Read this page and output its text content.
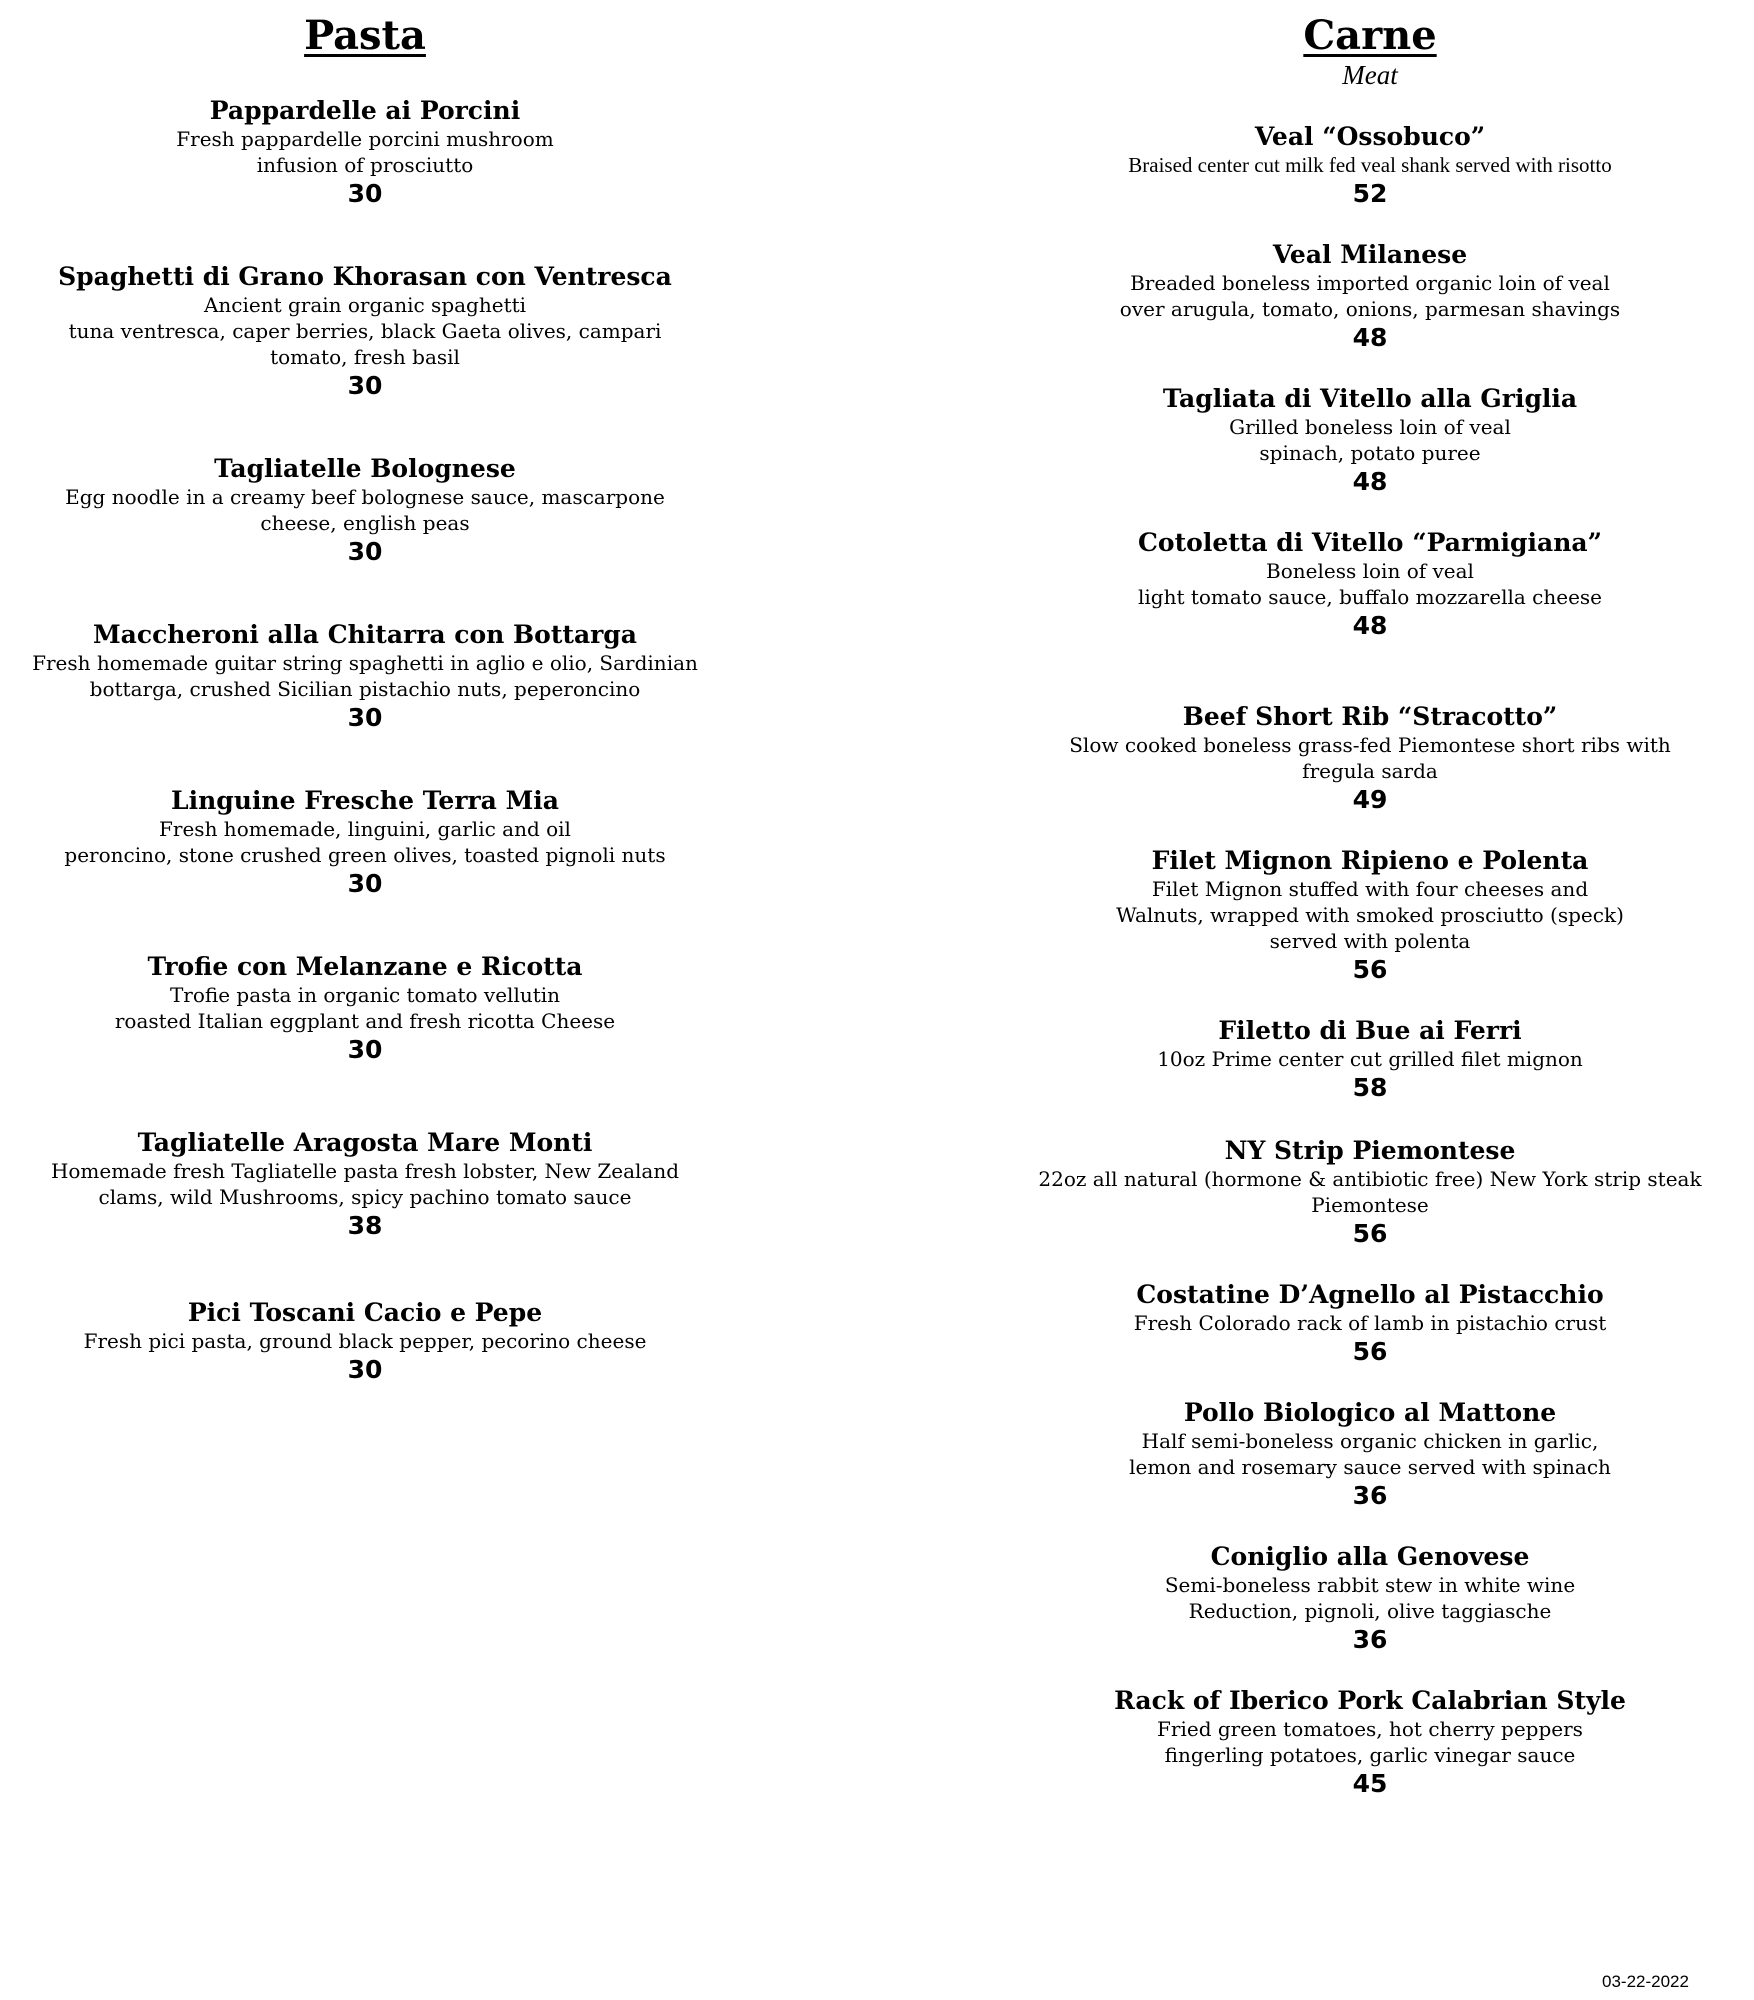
Pasta
Pappardelle ai Porcini
Fresh pappardelle porcini mushroom
infusion of prosciutto
30
Spaghetti di Grano Khorasan con Ventresca
Ancient grain organic spaghetti
tuna ventresca, caper berries, black Gaeta olives, campari
tomato, fresh basil
30
Tagliatelle Bolognese
Egg noodle in a creamy beef bolognese sauce, mascarpone
cheese, english peas
30
Maccheroni alla Chitarra con Bottarga
Fresh homemade guitar string spaghetti in aglio e olio, Sardinian
bottarga, crushed Sicilian pistachio nuts, peperoncino
30
Linguine Fresche Terra Mia
Fresh homemade, linguini, garlic and oil
peroncino, stone crushed green olives, toasted pignoli nuts
30
Trofie con Melanzane e Ricotta
Trofie pasta in organic tomato vellutin
roasted Italian eggplant and fresh ricotta Cheese
30
Tagliatelle Aragosta Mare Monti
Homemade fresh Tagliatelle pasta fresh lobster, New Zealand
clams, wild Mushrooms, spicy pachino tomato sauce
38
Pici Toscani Cacio e Pepe
Fresh pici pasta, ground black pepper, pecorino cheese
30
Carne
Meat
Veal “Ossobuco”
Braised center cut milk fed veal shank served with risotto
52
Veal Milanese
Breaded boneless imported organic loin of veal
over arugula, tomato, onions, parmesan shavings
48
Tagliata di Vitello alla Griglia
Grilled boneless loin of veal
spinach, potato puree
48
Cotoletta di Vitello “Parmigiana”
Boneless loin of veal
light tomato sauce, buffalo mozzarella cheese
48
Beef Short Rib “Stracotto”
Slow cooked boneless grass-fed Piemontese short ribs with
fregula sarda
49
Filet Mignon Ripieno e Polenta
Filet Mignon stuffed with four cheeses and
Walnuts, wrapped with smoked prosciutto (speck)
served with polenta
56
Filetto di Bue ai Ferri
10oz Prime center cut grilled filet mignon
58
NY Strip Piemontese
22oz all natural (hormone & antibiotic free) New York strip steak
Piemontese
56
Costatine D’Agnello al Pistacchio
Fresh Colorado rack of lamb in pistachio crust
56
Pollo Biologico al Mattone
Half semi-boneless organic chicken in garlic,
lemon and rosemary sauce served with spinach
36
Coniglio alla Genovese
Semi-boneless rabbit stew in white wine
Reduction, pignoli, olive taggiasche
36
Rack of Iberico Pork Calabrian Style
Fried green tomatoes, hot cherry peppers
fingerling potatoes, garlic vinegar sauce
45
03-22-2022
